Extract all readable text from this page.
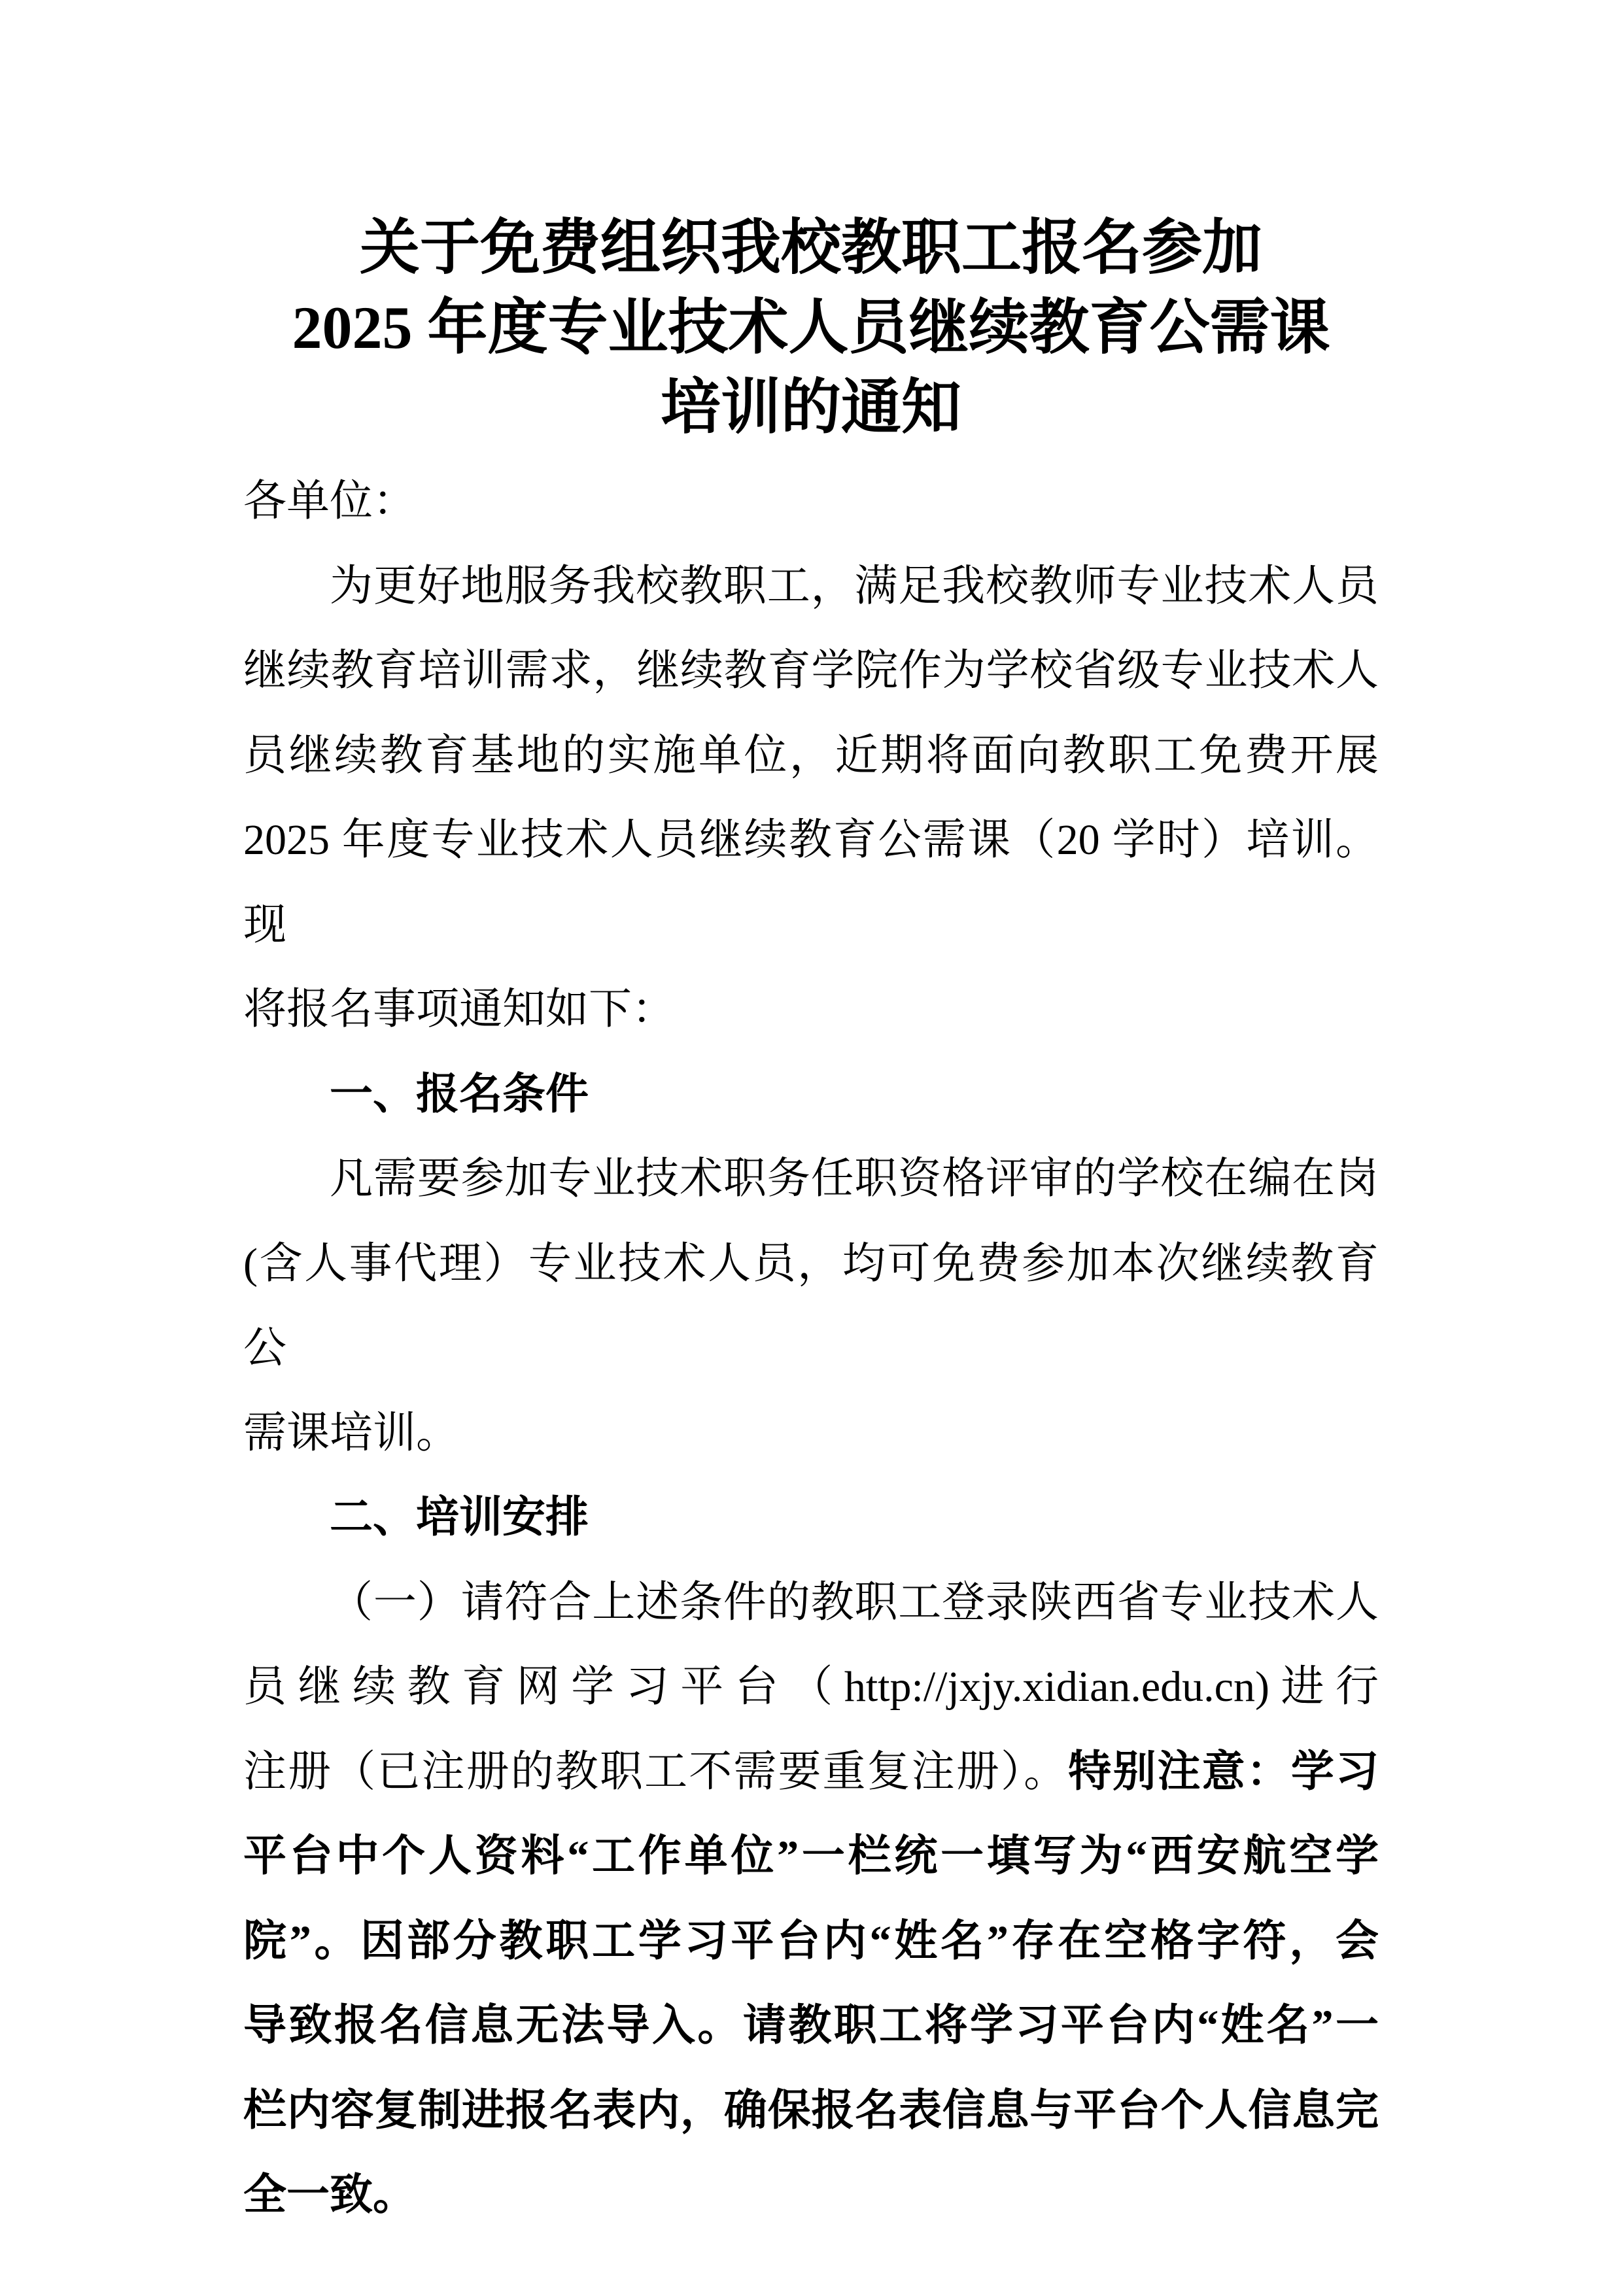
关于免费组织我校教职工报名参加
2025 年度专业技术人员继续教育公需课
培训的通知
各单位：
为更好地服务我校教职工，满足我校教师专业技术人员
继续教育培训需求，继续教育学院作为学校省级专业技术人
员继续教育基地的实施单位，近期将面向教职工免费开展
2025 年度专业技术人员继续教育公需课（20 学时）培训。现
将报名事项通知如下：
一、报名条件
凡需要参加专业技术职务任职资格评审的学校在编在岗
(含人事代理）专业技术人员，均可免费参加本次继续教育公
需课培训。
二、培训安排
（一）请符合上述条件的教职工登录陕西省专业技术人
员继续教育网学习平台（http://jxjy.xidian.edu.cn)进行
注册（已注册的教职工不需要重复注册）。特别注意：学习
平台中个人资料“工作单位”一栏统一填写为“西安航空学
院”。因部分教职工学习平台内“姓名”存在空格字符，会
导致报名信息无法导入。请教职工将学习平台内“姓名”一
栏内容复制进报名表内，确保报名表信息与平台个人信息完
全一致。
